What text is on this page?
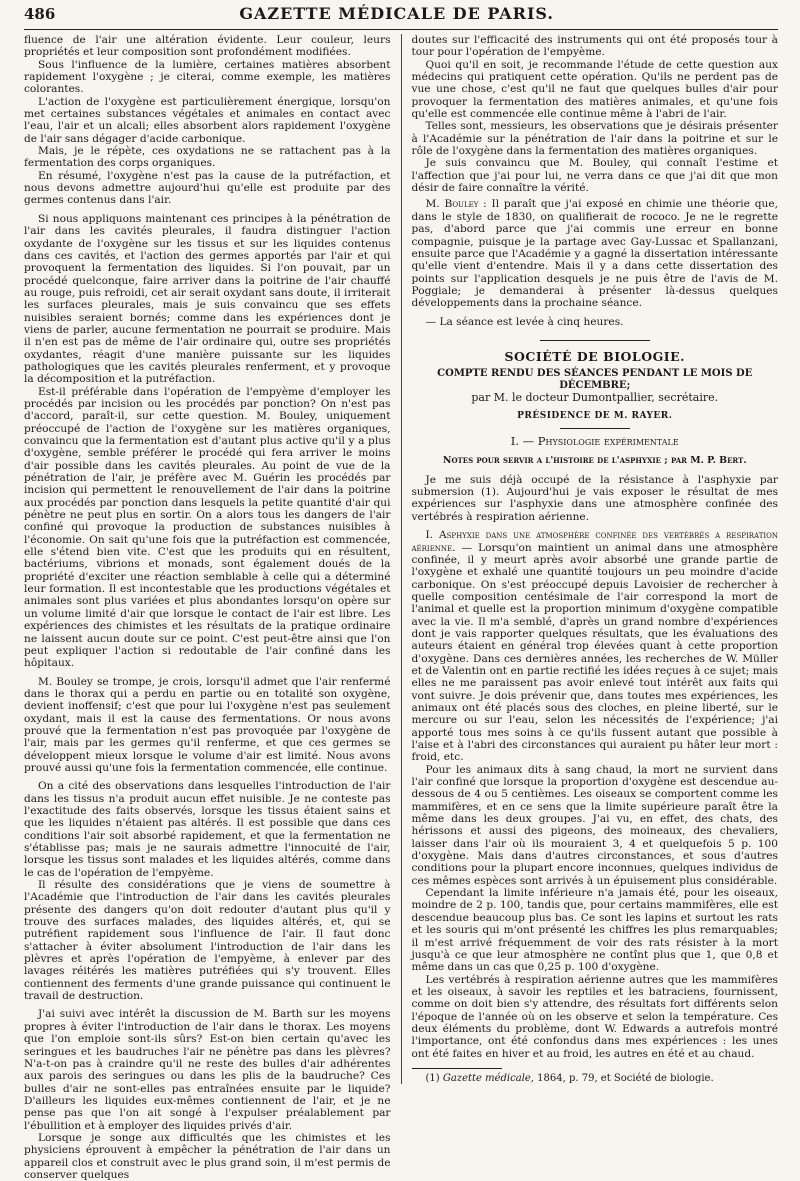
486	GAZETTE MÉDICALE DE PARIS.

fluence de l'air une altération évidente. Leur couleur, leurs propriétés et leur composition sont profondément modifiées.

Sous l'influence de la lumière, certaines matières absorbent rapidement l'oxygène ; je citerai, comme exemple, les matières colorantes.

L'action de l'oxygène est particulièrement énergique, lorsqu'on met certaines substances végétales et animales en contact avec l'eau, l'air et un alcali; elles absorbent alors rapidement l'oxygène de l'air sans dégager d'acide carbonique.

Mais, je le répète, ces oxydations ne se rattachent pas à la fermentation des corps organiques.

En résumé, l'oxygène n'est pas la cause de la putréfaction, et nous devons admettre aujourd'hui qu'elle est produite par des germes contenus dans l'air.

Si nous appliquons maintenant ces principes à la pénétration de l'air dans les cavités pleurales, il faudra distinguer l'action oxydante de l'oxygène sur les tissus et sur les liquides contenus dans ces cavités, et l'action des germes apportés par l'air et qui provoquent la fermentation des liquides. Si l'on pouvait, par un procédé quelconque, faire arriver dans la poitrine de l'air chauffé au rouge, puis refroidi, cet air serait oxydant sans doute, il irriterait les surfaces pleurales, mais je suis convaincu que ses effets nuisibles seraient bornés; comme dans les expériences dont je viens de parler, aucune fermentation ne pourrait se produire. Mais il n'en est pas de même de l'air ordinaire qui, outre ses propriétés oxydantes, réagit d'une manière puissante sur les liquides pathologiques que les cavités pleurales renferment, et y provoque la décomposition et la putréfaction.

Est-il préférable dans l'opération de l'empyème d'employer les procédés par incision ou les procédés par ponction? On n'est pas d'accord, paraît-il, sur cette question. M. Bouley, uniquement préoccupé de l'action de l'oxygène sur les matières organiques, convaincu que la fermentation est d'autant plus active qu'il y a plus d'oxygène, semble préférer le procédé qui fera arriver le moins d'air possible dans les cavités pleurales. Au point de vue de la pénétration de l'air, je préfère avec M. Guérin les procédés par incision qui permettent le renouvellement de l'air dans la poitrine aux procédés par ponction dans lesquels la petite quantité d'air qui pénètre ne peut plus en sortir. On a alors tous les dangers de l'air confiné qui provoque la production de substances nuisibles à l'économie. On sait qu'une fois que la putréfaction est commencée, elle s'étend bien vite. C'est que les produits qui en résultent, bactériums, vibrions et monads, sont également doués de la propriété d'exciter une réaction semblable à celle qui a déterminé leur formation. Il est incontestable que les productions végétales et animales sont plus variées et plus abondantes lorsqu'on opère sur un volume limité d'air que lorsque le contact de l'air est libre. Les expériences des chimistes et les résultats de la pratique ordinaire ne laissent aucun doute sur ce point. C'est peut-être ainsi que l'on peut expliquer l'action si redoutable de l'air confiné dans les hôpitaux.

M. Bouley se trompe, je crois, lorsqu'il admet que l'air renfermé dans le thorax qui a perdu en partie ou en totalité son oxygène, devient inoffensif; c'est que pour lui l'oxygène n'est pas seulement oxydant, mais il est la cause des fermentations. Or nous avons prouvé que la fermentation n'est pas provoquée par l'oxygène de l'air, mais par les germes qu'il renferme, et que ces germes se développent mieux lorsque le volume d'air est limité. Nous avons prouvé aussi qu'une fois la fermentation commencée, elle continue.

On a cité des observations dans lesquelles l'introduction de l'air dans les tissus n'a produit aucun effet nuisible. Je ne conteste pas l'exactitude des faits observés, lorsque les tissus étaient sains et que les liquides n'étaient pas altérés. Il est possible que dans ces conditions l'air soit absorbé rapidement, et que la fermentation ne s'établisse pas; mais je ne saurais admettre l'innocuité de l'air, lorsque les tissus sont malades et les liquides altérés, comme dans le cas de l'opération de l'empyème.

Il résulte des considérations que je viens de soumettre à l'Académie que l'introduction de l'air dans les cavités pleurales présente des dangers qu'on doit redouter d'autant plus qu'il y trouve des surfaces malades, des liquides altérés, et, qui se putréfient rapidement sous l'influence de l'air. Il faut donc s'attacher à éviter absolument l'introduction de l'air dans les plèvres et après l'opération de l'empyème, à enlever par des lavages réitérés les matières putréfiées qui s'y trouvent. Elles contiennent des ferments d'une grande puissance qui continuent le travail de destruction.

J'ai suivi avec intérêt la discussion de M. Barth sur les moyens propres à éviter l'introduction de l'air dans le thorax. Les moyens que l'on emploie sont-ils sûrs? Est-on bien certain qu'avec les seringues et les baudruches l'air ne pénètre pas dans les plèvres? N'a-t-on pas à craindre qu'il ne reste des bulles d'air adhérentes aux parois des seringues ou dans les plis de la baudruche? Ces bulles d'air ne sont-elles pas entraînées ensuite par le liquide? D'ailleurs les liquides eux-mêmes contiennent de l'air, et je ne pense pas que l'on ait songé à l'expulser préalablement par l'ébullition et à employer des liquides privés d'air.

Lorsque je songe aux difficultés que les chimistes et les physiciens éprouvent à empêcher la pénétration de l'air dans un appareil clos et construit avec le plus grand soin, il m'est permis de conserver quelques

doutes sur l'efficacité des instruments qui ont été proposés tour à tour pour l'opération de l'empyème.

Quoi qu'il en soit, je recommande l'étude de cette question aux médecins qui pratiquent cette opération. Qu'ils ne perdent pas de vue une chose, c'est qu'il ne faut que quelques bulles d'air pour provoquer la fermentation des matières animales, et qu'une fois qu'elle est commencée elle continue même à l'abri de l'air.

Telles sont, messieurs, les observations que je désirais présenter à l'Académie sur la pénétration de l'air dans la poitrine et sur le rôle de l'oxygène dans la fermentation des matières organiques.

Je suis convaincu que M. Bouley, qui connaît l'estime et l'affection que j'ai pour lui, ne verra dans ce que j'ai dit que mon désir de faire connaître la vérité.

M. Bouley : Il paraît que j'ai exposé en chimie une théorie que, dans le style de 1830, on qualifierait de rococo. Je ne le regrette pas, d'abord parce que j'ai commis une erreur en bonne compagnie, puisque je la partage avec Gay-Lussac et Spallanzani, ensuite parce que l'Académie y a gagné la dissertation intéressante qu'elle vient d'entendre. Mais il y a dans cette dissertation des points sur l'application desquels je ne puis être de l'avis de M. Poggiale; je demanderai à présenter là-dessus quelques développements dans la prochaine séance.

— La séance est levée à cinq heures.

SOCIÉTÉ DE BIOLOGIE.
COMPTE RENDU DES SÉANCES PENDANT LE MOIS DE DÉCEMBRE;
par M. le docteur Dumontpallier, secrétaire.
PRÉSIDENCE DE M. RAYER.
I. — Physiologie expérimentale
Notes pour servir a l'histoire de l'asphyxie ; par M. P. Bert.

Je me suis déjà occupé de la résistance à l'asphyxie par submersion (1). Aujourd'hui je vais exposer le résultat de mes expériences sur l'asphyxie dans une atmosphère confinée des vertébrés à respiration aérienne.

I. Asphyxie dans une atmosphère confinée des vertébrés a respiration aérienne. — Lorsqu'on maintient un animal dans une atmosphère confinée, il y meurt après avoir absorbé une grande partie de l'oxygène et exhalé une quantité toujours un peu moindre d'acide carbonique. On s'est préoccupé depuis Lavoisier de rechercher à quelle composition centésimale de l'air correspond la mort de l'animal et quelle est la proportion minimum d'oxygène compatible avec la vie. Il m'a semblé, d'après un grand nombre d'expériences dont je vais rapporter quelques résultats, que les évaluations des auteurs étaient en général trop élevées quant à cette proportion d'oxygène. Dans ces dernières années, les recherches de W. Müller et de Valentin ont en partie rectifié les idées reçues à ce sujet; mais elles ne me paraissent pas avoir enlevé tout intérêt aux faits qui vont suivre. Je dois prévenir que, dans toutes mes expériences, les animaux ont été placés sous des cloches, en pleine liberté, sur le mercure ou sur l'eau, selon les nécessités de l'expérience; j'ai apporté tous mes soins à ce qu'ils fussent autant que possible à l'aise et à l'abri des circonstances qui auraient pu hâter leur mort : froid, etc.

Pour les animaux dits à sang chaud, la mort ne survient dans l'air confiné que lorsque la proportion d'oxygène est descendue au-dessous de 4 ou 5 centièmes. Les oiseaux se comportent comme les mammifères, et en ce sens que la limite supérieure paraît être la même dans les deux groupes. J'ai vu, en effet, des chats, des hérissons et aussi des pigeons, des moineaux, des chevaliers, laisser dans l'air où ils mouraient 3, 4 et quelquefois 5 p. 100 d'oxygène. Mais dans d'autres circonstances, et sous d'autres conditions pour la plupart encore inconnues, quelques individus de ces mêmes espèces sont arrivés à un épuisement plus considérable.

Cependant la limite inférieure n'a jamais été, pour les oiseaux, moindre de 2 p. 100, tandis que, pour certains mammifères, elle est descendue beaucoup plus bas. Ce sont les lapins et surtout les rats et les souris qui m'ont présenté les chiffres les plus remarquables; il m'est arrivé fréquemment de voir des rats résister à la mort jusqu'à ce que leur atmosphère ne contînt plus que 1, que 0,8 et même dans un cas que 0,25 p. 100 d'oxygène.

Les vertébrés à respiration aérienne autres que les mammifères et les oiseaux, à savoir les reptiles et les batraciens, fournissent, comme on doit bien s'y attendre, des résultats fort différents selon l'époque de l'année où on les observe et selon la température. Ces deux éléments du problème, dont W. Edwards a autrefois montré l'importance, ont été confondus dans mes expériences : les unes ont été faites en hiver et au froid, les autres en été et au chaud.

(1) Gazette médicale, 1864, p. 79, et Société de biologie.
